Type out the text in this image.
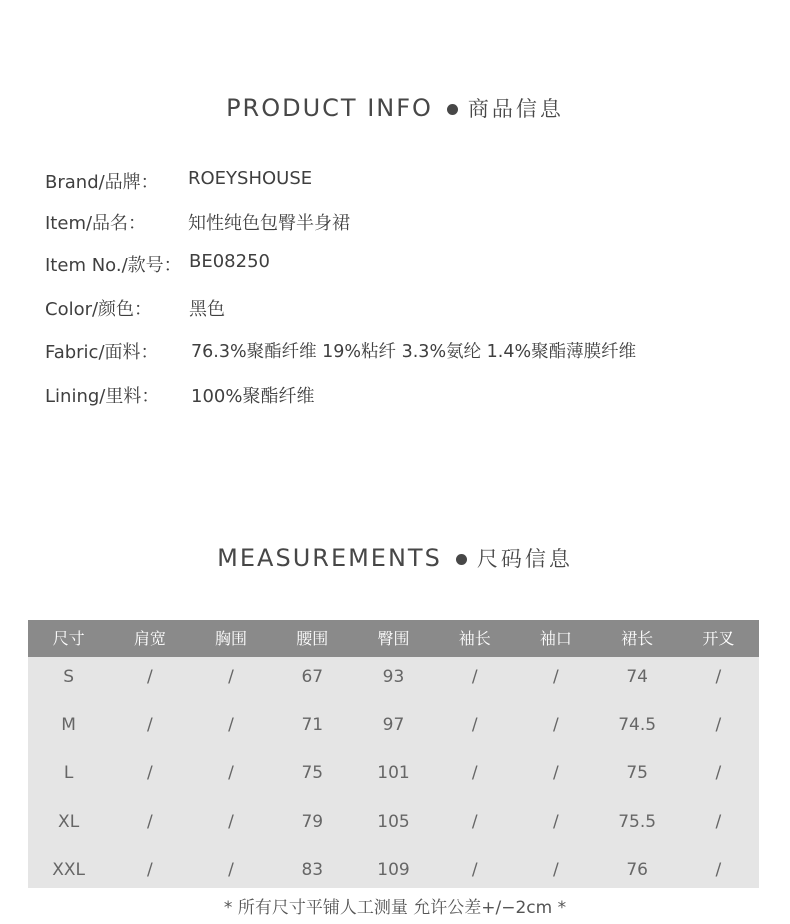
PRODUCT INFO 商品信息
Brand/品牌： ROEYSHOUSE
Item/品名： 知性纯色包臀半身裙
Item No./款号： BE08250
Color/颜色： 黑色
Fabric/面料： 76.3%聚酯纤维 19%粘纤 3.3%氨纶 1.4%聚酯薄膜纤维
Lining/里料： 100%聚酯纤维
MEASUREMENTS 尺码信息
尺寸	肩宽	胸围	腰围	臀围	袖长	袖口	裙长	开叉
S	/	/	67	93	/	/	74	/
M	/	/	71	97	/	/	74.5	/
L	/	/	75	101	/	/	75	/
XL	/	/	79	105	/	/	75.5	/
XXL	/	/	83	109	/	/	76	/
* 所有尺寸平铺人工测量 允许公差+/−2cm *
